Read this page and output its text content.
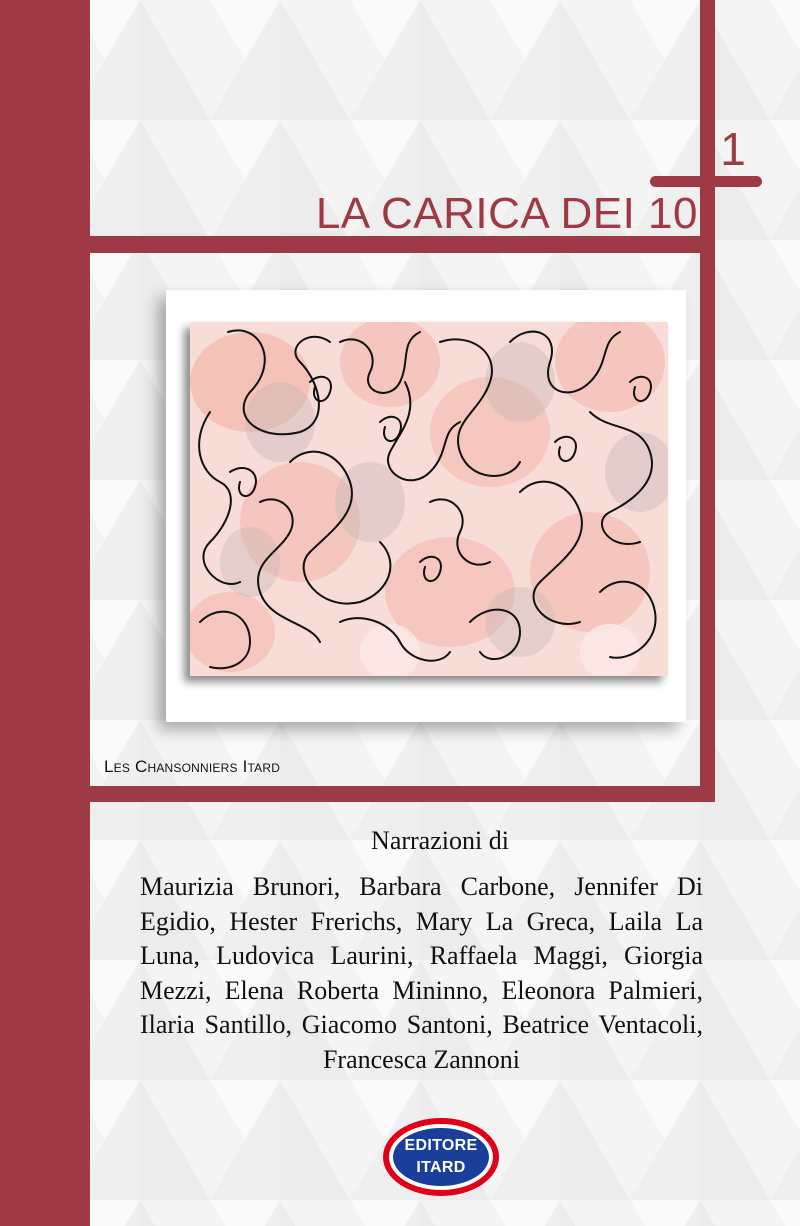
1
LA CARICA DEI 10
Les Chansonniers Itard
Narrazioni di
Maurizia Brunori, Barbara Carbone, Jennifer Di Egidio, Hester Frerichs, Mary La Greca, Laila La Luna, Ludovica Laurini, Raffaela Maggi, Giorgia Mezzi, Elena Roberta Mininno, Eleonora Palmieri, Ilaria Santillo, Giacomo Santoni, Beatrice Ventacoli, Francesca Zannoni
EDITORE
ITARD
